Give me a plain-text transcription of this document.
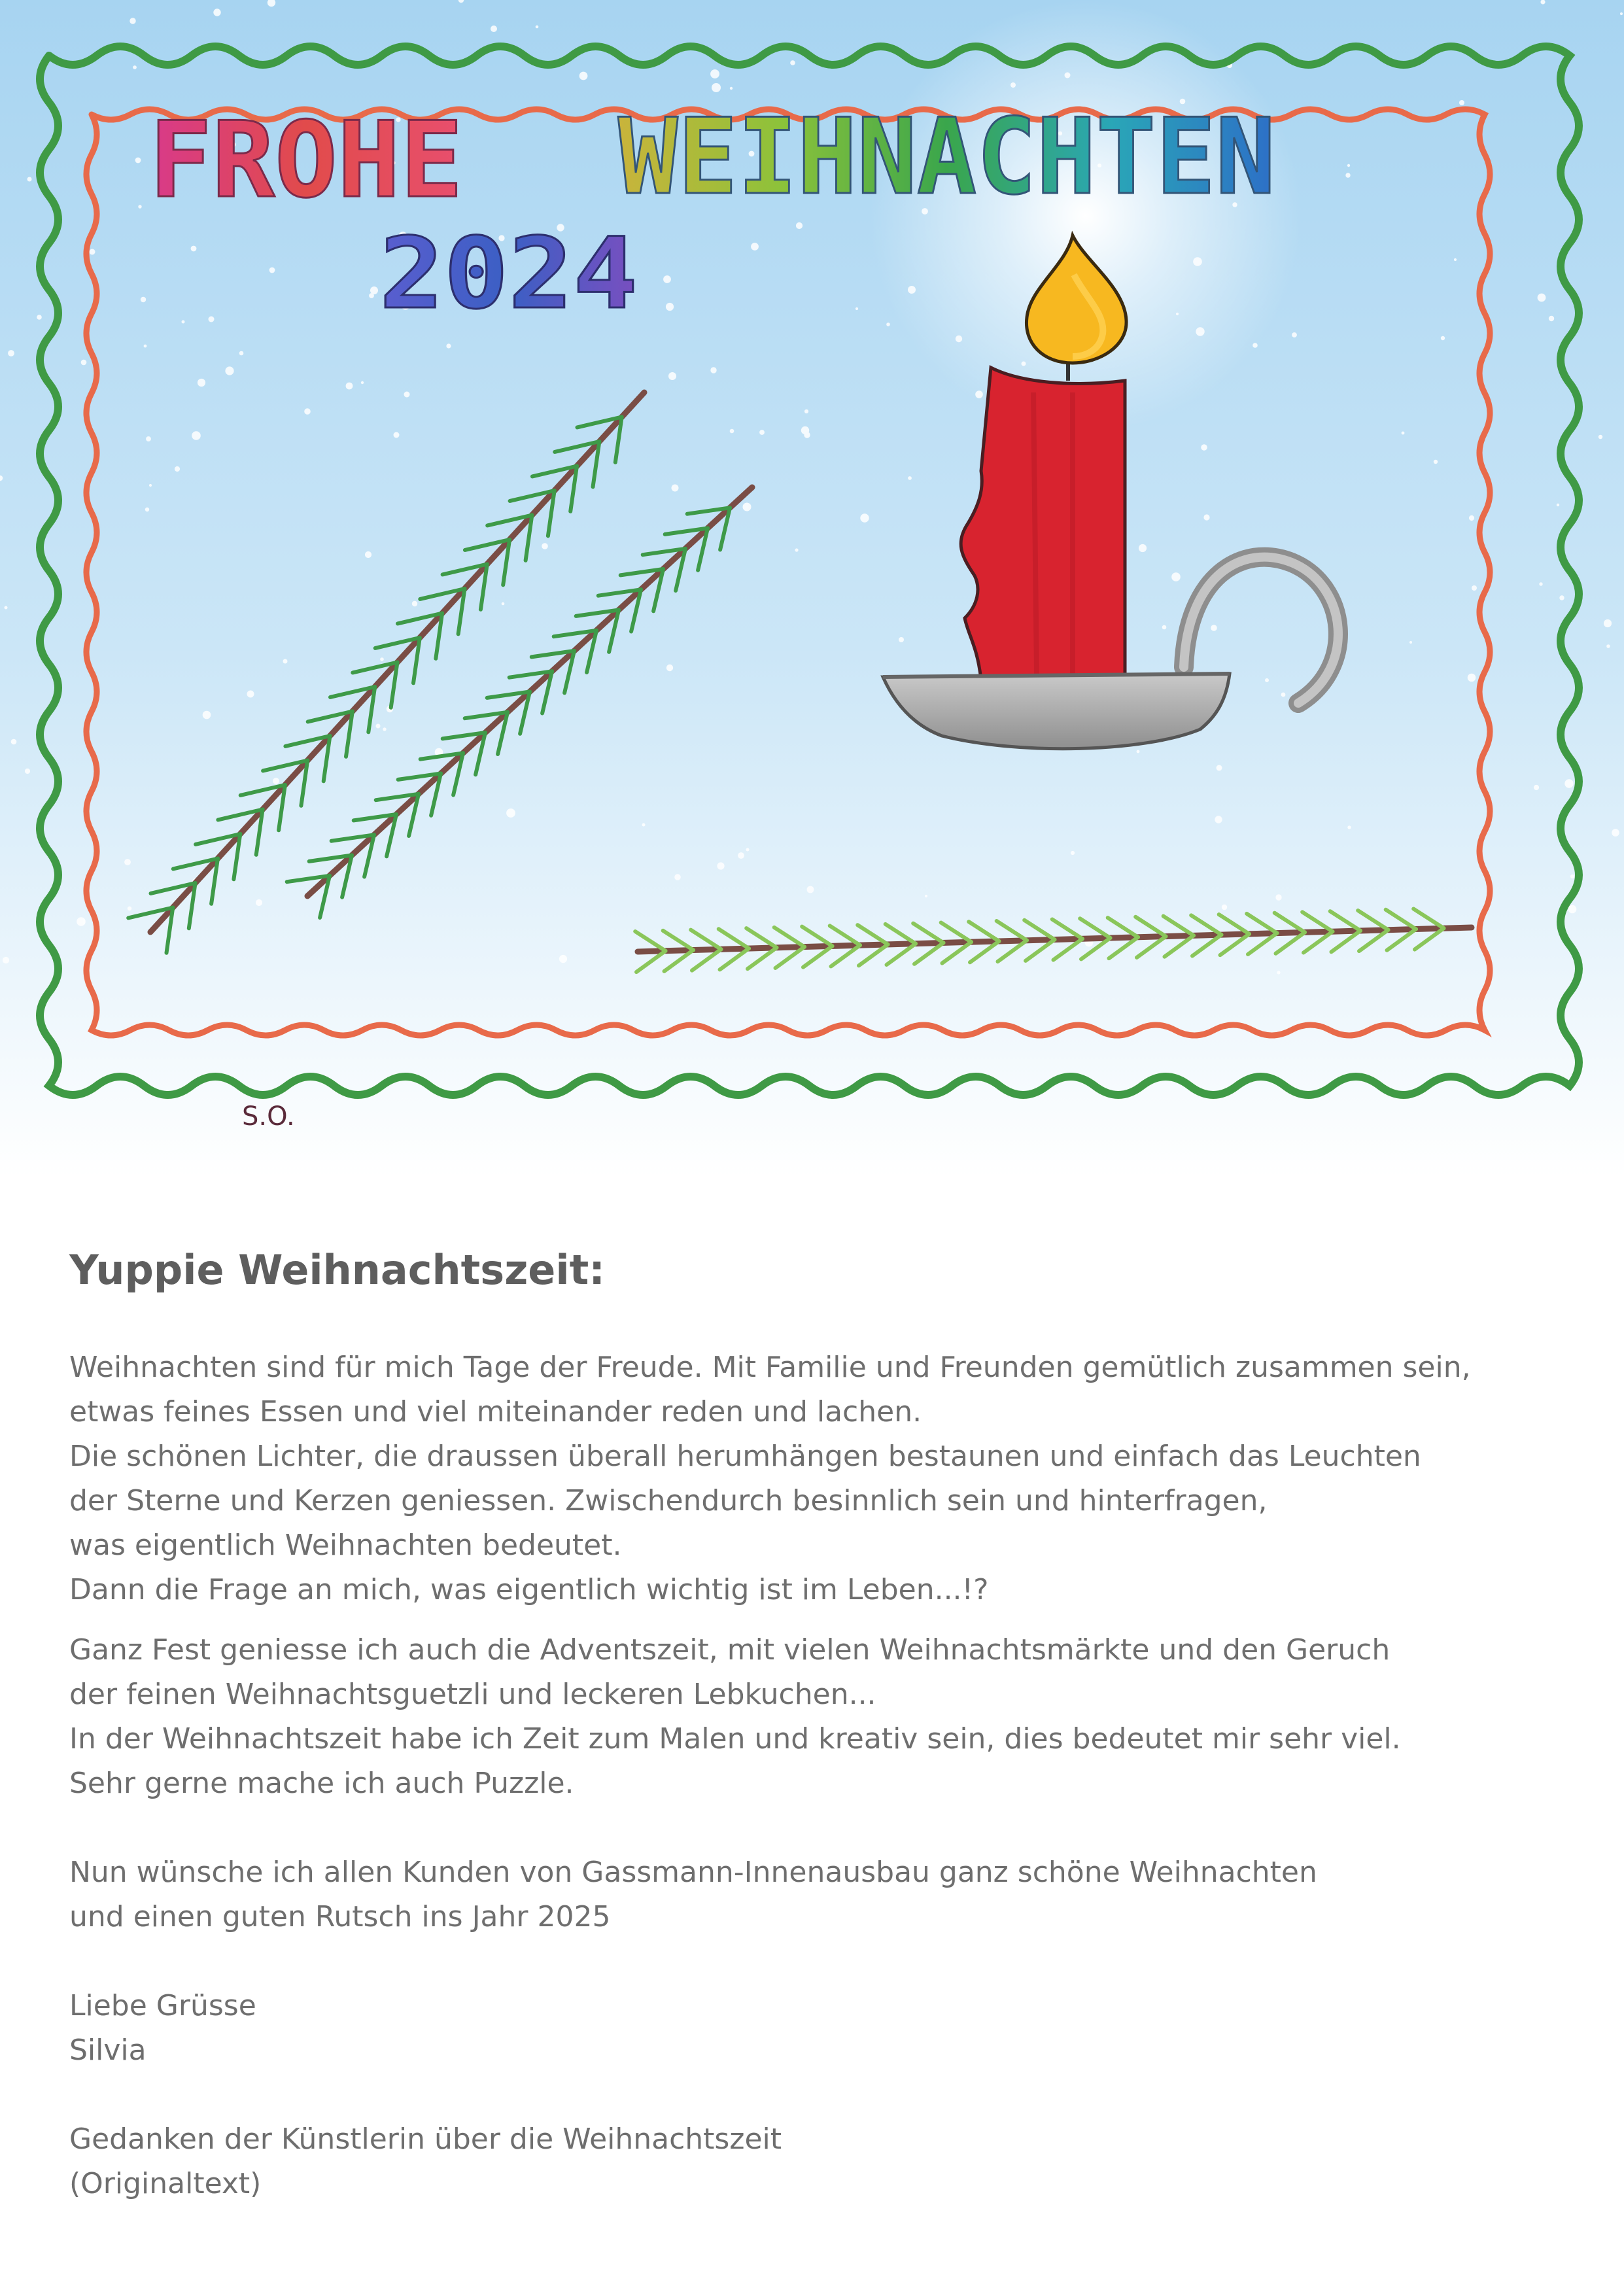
FROHE WEIHNACHTEN
2024
S.O.
Yuppie Weihnachtszeit:
Weihnachten sind für mich Tage der Freude. Mit Familie und Freunden gemütlich zusammen sein,
etwas feines Essen und viel miteinander reden und lachen.
Die schönen Lichter, die draussen überall herumhängen bestaunen und einfach das Leuchten
der Sterne und Kerzen geniessen. Zwischendurch besinnlich sein und hinterfragen,
was eigentlich Weihnachten bedeutet.
Dann die Frage an mich, was eigentlich wichtig ist im Leben...!?
Ganz Fest geniesse ich auch die Adventszeit, mit vielen Weihnachtsmärkte und den Geruch
der feinen Weihnachtsguetzli und leckeren Lebkuchen...
In der Weihnachtszeit habe ich Zeit zum Malen und kreativ sein, dies bedeutet mir sehr viel.
Sehr gerne mache ich auch Puzzle.
Nun wünsche ich allen Kunden von Gassmann-Innenausbau ganz schöne Weihnachten
und einen guten Rutsch ins Jahr 2025
Liebe Grüsse
Silvia
Gedanken der Künstlerin über die Weihnachtszeit
(Originaltext)
